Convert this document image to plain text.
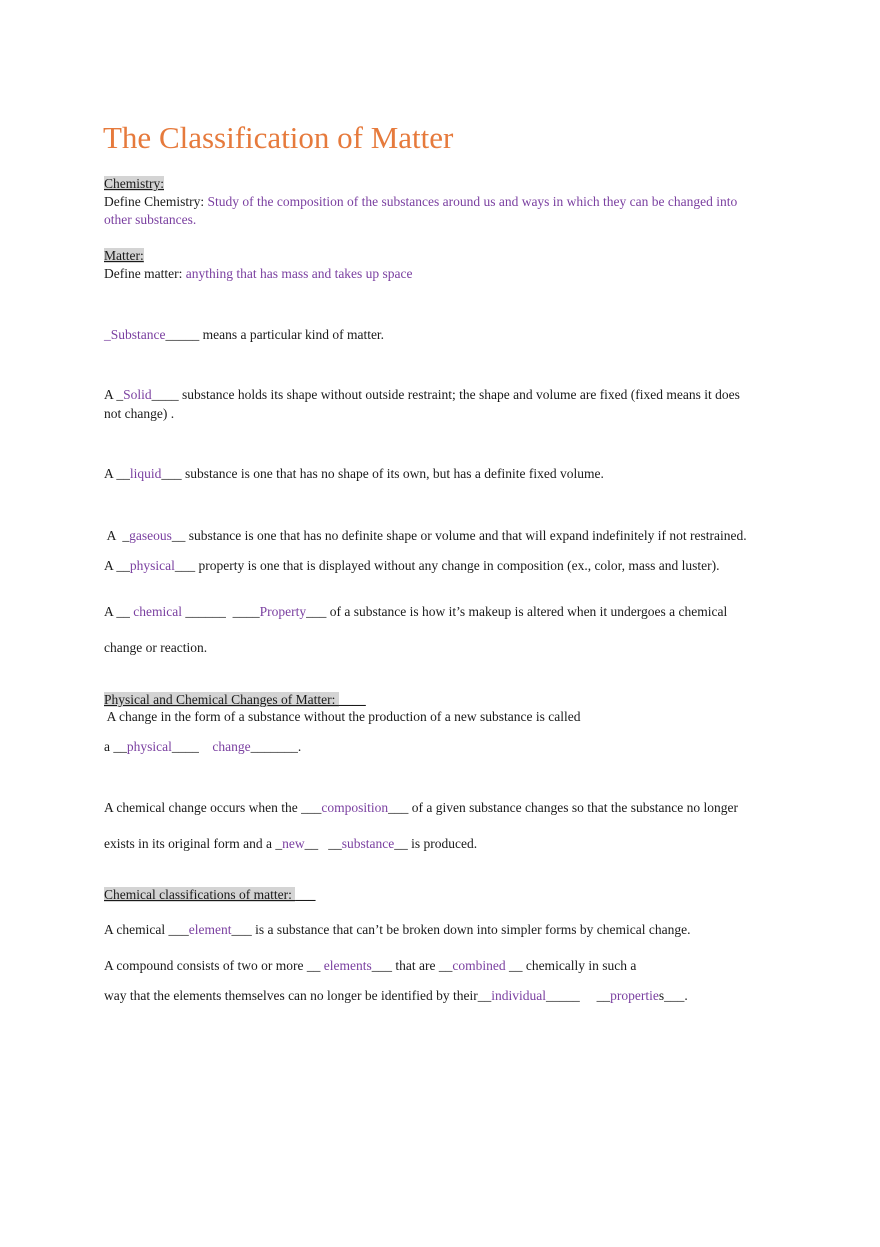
The Classification of Matter
Chemistry:
Define Chemistry: Study of the composition of the substances around us and ways in which they can be changed into
other substances.
Matter:
Define matter: anything that has mass and takes up space
_Substance_____ means a particular kind of matter.
A _Solid____ substance holds its shape without outside restraint; the shape and volume are fixed (fixed means it does
not change) .
A __liquid___ substance is one that has no shape of its own, but has a definite fixed volume.
A  _gaseous__ substance is one that has no definite shape or volume and that will expand indefinitely if not restrained.
A __physical___ property is one that is displayed without any change in composition (ex., color, mass and luster).
A __ chemical ______  ____Property___ of a substance is how it’s makeup is altered when it undergoes a chemical
change or reaction.
Physical and Chemical Changes of Matter: ____
A change in the form of a substance without the production of a new substance is called
a __physical____    change_______.
A chemical change occurs when the ___composition___ of a given substance changes so that the substance no longer
exists in its original form and a _new__   __substance__ is produced.
Chemical classifications of matter: ___
A chemical ___element___ is a substance that can’t be broken down into simpler forms by chemical change.
A compound consists of two or more __ elements___ that are __combined __ chemically in such a
way that the elements themselves can no longer be identified by their__individual_____     __properties___.
